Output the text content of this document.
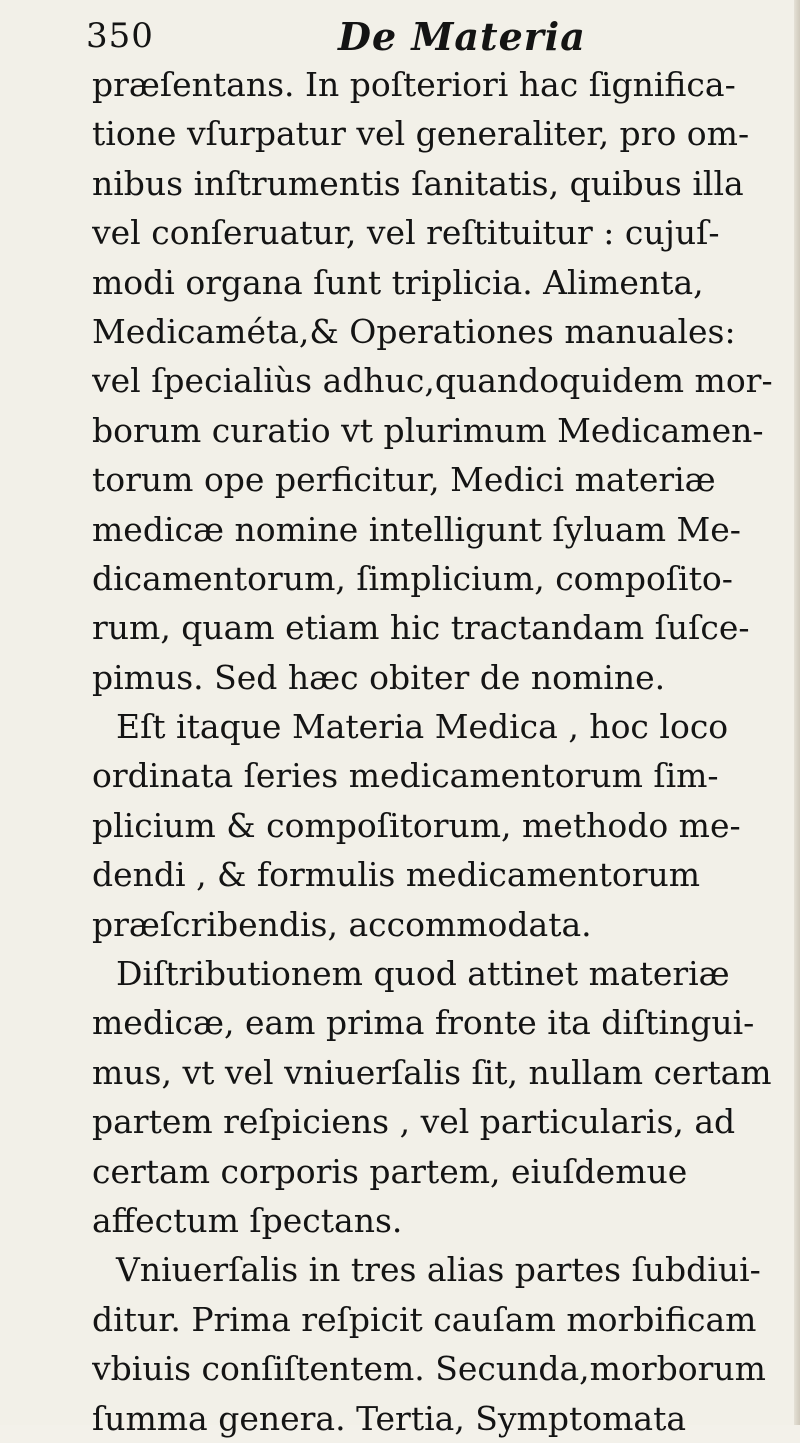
350	De Materia
præſentans. In poſteriori hac ſignifica-
tione vſurpatur vel generaliter, pro om-
nibus inſtrumentis ſanitatis, quibus illa
vel conſeruatur, vel reſtituitur : cujuſ-
modi organa ſunt triplicia. Alimenta,
Medicaméta,& Operationes manuales:
vel ſpecialiùs adhuc,quandoquidem mor-
borum curatio vt plurimum Medicamen-
torum ope perficitur, Medici materiæ
medicæ nomine intelligunt ſyluam Me-
dicamentorum, ſimplicium, compoſito-
rum, quam etiam hic tractandam ſuſce-
pimus. Sed hæc obiter de nomine.
Eſt itaque Materia Medica , hoc loco
ordinata ſeries medicamentorum ſim-
plicium & compoſitorum, methodo me-
dendi , & formulis medicamentorum
præſcribendis, accommodata.
Diſtributionem quod attinet materiæ
medicæ, eam prima fronte ita diſtingui-
mus, vt vel vniuerſalis ſit, nullam certam
partem reſpiciens , vel particularis, ad
certam corporis partem, eiuſdemue
affectum ſpectans.
Vniuerſalis in tres alias partes ſubdiui-
ditur. Prima reſpicit cauſam morbificam
vbiuis conſiſtentem. Secunda,morborum
ſumma genera. Tertia, Symptomata
